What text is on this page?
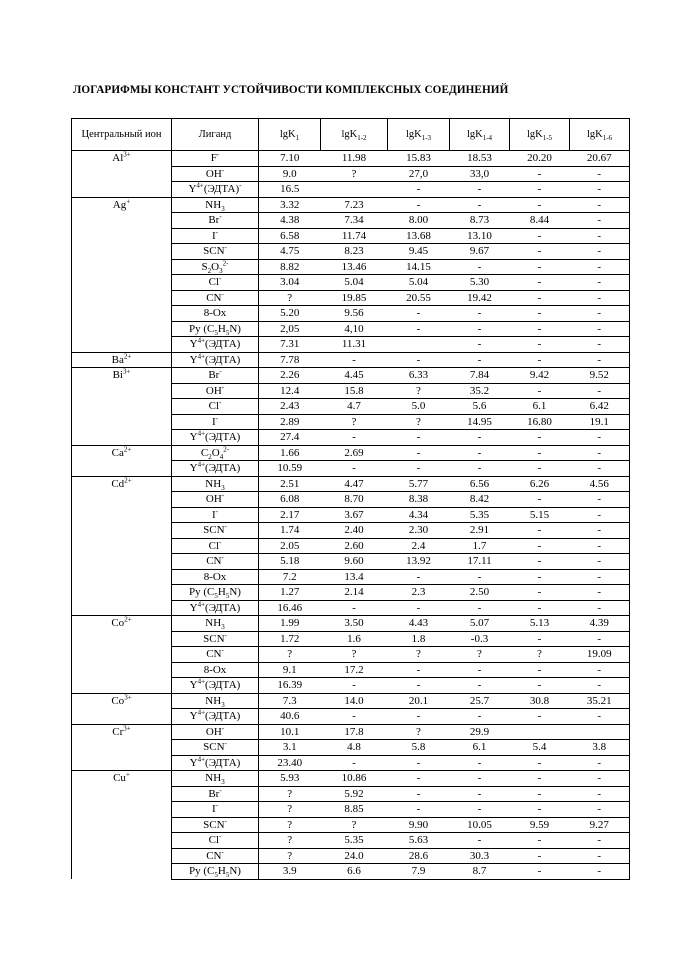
ЛОГАРИФМЫ КОНСТАНТ УСТОЙЧИВОСТИ КОМПЛЕКСНЫХ СОЕДИНЕНИЙ
Центральный ион	Лиганд	lgK$_1$	lgK$_{1-2}$	lgK$_{1-3}$	lgK$_{1-4}$	lgK$_{1-5}$	lgK$_{1-6}$
$Al^{3+}$	F-	7.10	11.98	15.83	18.53	20.20	20.67
	OH-	9.0	?	27,0	33,0	-	-
	$Y^{4+}(ЭДТА)^-$	16.5		-	-	-	-
Ag+	$NH_3$	3.32	7.23	-	-	-	-
	Br-	4.38	7.34	8.00	8.73	8.44	-
	I-	6.58	11.74	13.68	13.10	-	-
	SCN-	4.75	8.23	9.45	9.67	-	-
	$S_2O_3^{2-}$	8.82	13.46	14.15	-	-	-
	Cl-	3.04	5.04	5.04	5.30	-	-
	CN-	?	19.85	20.55	19.42	-	-
	8-Ox	5.20	9.56	-	-	-	-
	Py $(C_5H_5N)$	2,05	4,10	-	-	-	-
	$Y^{4+}(ЭДТА)$	7.31	11.31		-	-	-
$Ba^{2+}$	$Y^{4+}(ЭДТА)$	7.78	-	-	-	-	-
$Bi^{3+}$	Br-	2.26	4.45	6.33	7.84	9.42	9.52
	OH-	12.4	15.8	?	35.2	-	-
	Cl-	2.43	4.7	5.0	5.6	6.1	6.42
	I-	2.89	?	?	14.95	16.80	19.1
	$Y^{4+}(ЭДТА)$	27.4	-	-	-	-	-
$Ca^{2+}$	$C_2O_4^{2-}$	1.66	2.69	-	-	-	-
	$Y^{4+}(ЭДТА)$	10.59	-	-	-	-	-
$Cd^{2+}$	$NH_3$	2.51	4.47	5.77	6.56	6.26	4.56
	OH-	6.08	8.70	8.38	8.42	-	-
	I-	2.17	3.67	4.34	5.35	5.15	-
	SCN-	1.74	2.40	2.30	2.91	-	-
	Cl-	2.05	2.60	2.4	1.7	-	-
	CN-	5.18	9.60	13.92	17.11	-	-
	8-Ox	7.2	13.4	-	-	-	-
	Py $(C_5H_5N)$	1.27	2.14	2.3	2.50	-	-
	$Y^{4+}(ЭДТА)$	16.46	-	-	-	-	-
$Co^{2+}$	$NH_3$	1.99	3.50	4.43	5.07	5.13	4.39
	SCN-	1.72	1.6	1.8	-0.3	-	-
	CN-	?	?	?	?	?	19.09
	8-Ox	9.1	17.2	-	-	-	-
	$Y^{4+}(ЭДТА)$	16.39	-	-	-	-	-
$Co^{3+}$	$NH_3$	7.3	14.0	20.1	25.7	30.8	35.21
	$Y^{4+}(ЭДТА)$	40.6	-	-	-	-	-
$Cr^{3+}$	OH-	10.1	17.8	?	29.9		
	SCN-	3.1	4.8	5.8	6.1	5.4	3.8
	$Y^{4+}(ЭДТА)$	23.40	-	-	-	-	-
Cu+	$NH_3$	5.93	10.86	-	-	-	-
	Br-	?	5.92	-	-	-	-
	I-	?	8.85	-	-	-	-
	SCN-	?	?	9.90	10.05	9.59	9.27
	Cl-	?	5.35	5.63	-	-	-
	CN-	?	24.0	28.6	30.3	-	-
	Py $(C_5H_5N)$	3.9	6.6	7.9	8.7	-	-
